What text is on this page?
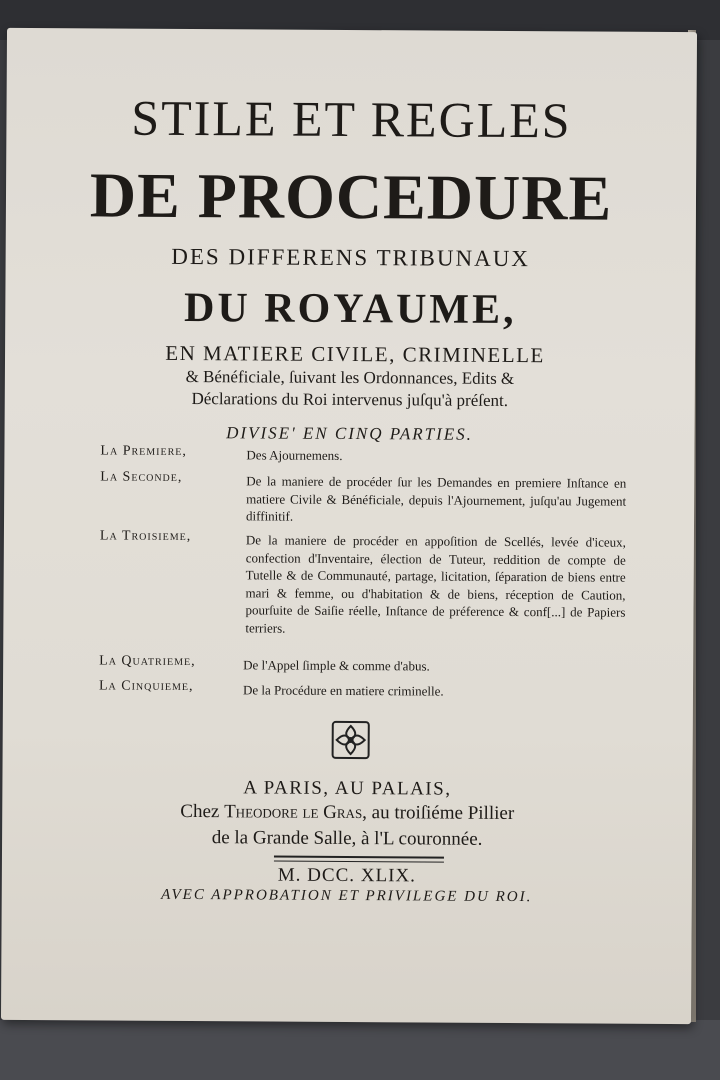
STILE ET REGLES
DE PROCEDURE
DES DIFFERENS TRIBUNAUX
DU ROYAUME,
EN MATIERE CIVILE, CRIMINELLE
& Bénéficiale, ſuivant les Ordonnances, Edits &
Déclarations du Roi intervenus juſqu'à préſent.
DIVISE' EN CINQ PARTIES.
La Premiere,	Des Ajournemens.
La Seconde,	De la maniere de procéder ſur les Demandes en premiere Inſtance en matiere Civile & Bénéficiale, depuis l'Ajournement, juſqu'au Jugement diffinitif.
La Troisieme,	De la maniere de procéder en appoſition de Scellés, levée d'iceux, confection d'Inventaire, élection de Tuteur, reddition de compte de Tutelle & de Communauté, partage, licitation, ſéparation de biens entre mari & femme, ou d'habitation & de biens, réception de Caution, pourſuite de Saiſie réelle, Inſtance de préference & conf[...] de Papiers terriers.
La Quatrieme,	De l'Appel ſimple & comme d'abus.
La Cinquieme,	De la Procédure en matiere criminelle.
A PARIS, AU PALAIS,
Chez Theodore le Gras, au troiſiéme Pillier
de la Grande Salle, à l'L couronnée.
M. DCC. XLIX.
AVEC APPROBATION ET PRIVILEGE DU ROI.
